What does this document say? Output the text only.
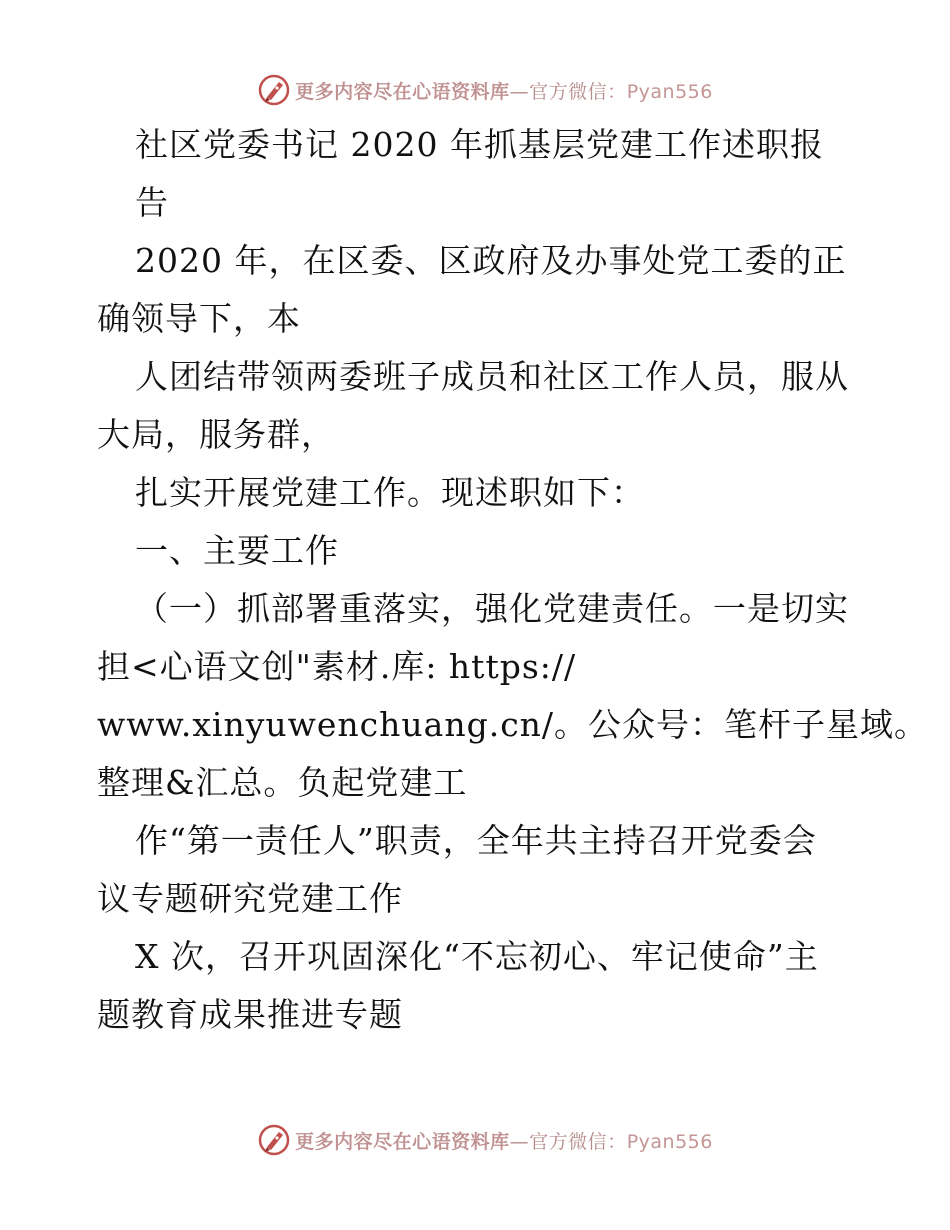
更多内容尽在心语资料库—官方微信：Pyan556
社区党委书记 2020 年抓基层党建工作述职报
告
2020 年，在区委、区政府及办事处党工委的正
确领导下，本
人团结带领两委班子成员和社区工作人员，服从
大局，服务群，
扎实开展党建工作。现述职如下：
一、主要工作
（一）抓部署重落实，强化党建责任。一是切实
担<心语文创"素材.库: https://
www.xinyuwenchuang.cn/。公众号：笔杆子星域。
整理&汇总。负起党建工
作“第一责任人”职责，全年共主持召开党委会
议专题研究党建工作
X 次，召开巩固深化“不忘初心、牢记使命”主
题教育成果推进专题
更多内容尽在心语资料库—官方微信：Pyan556
